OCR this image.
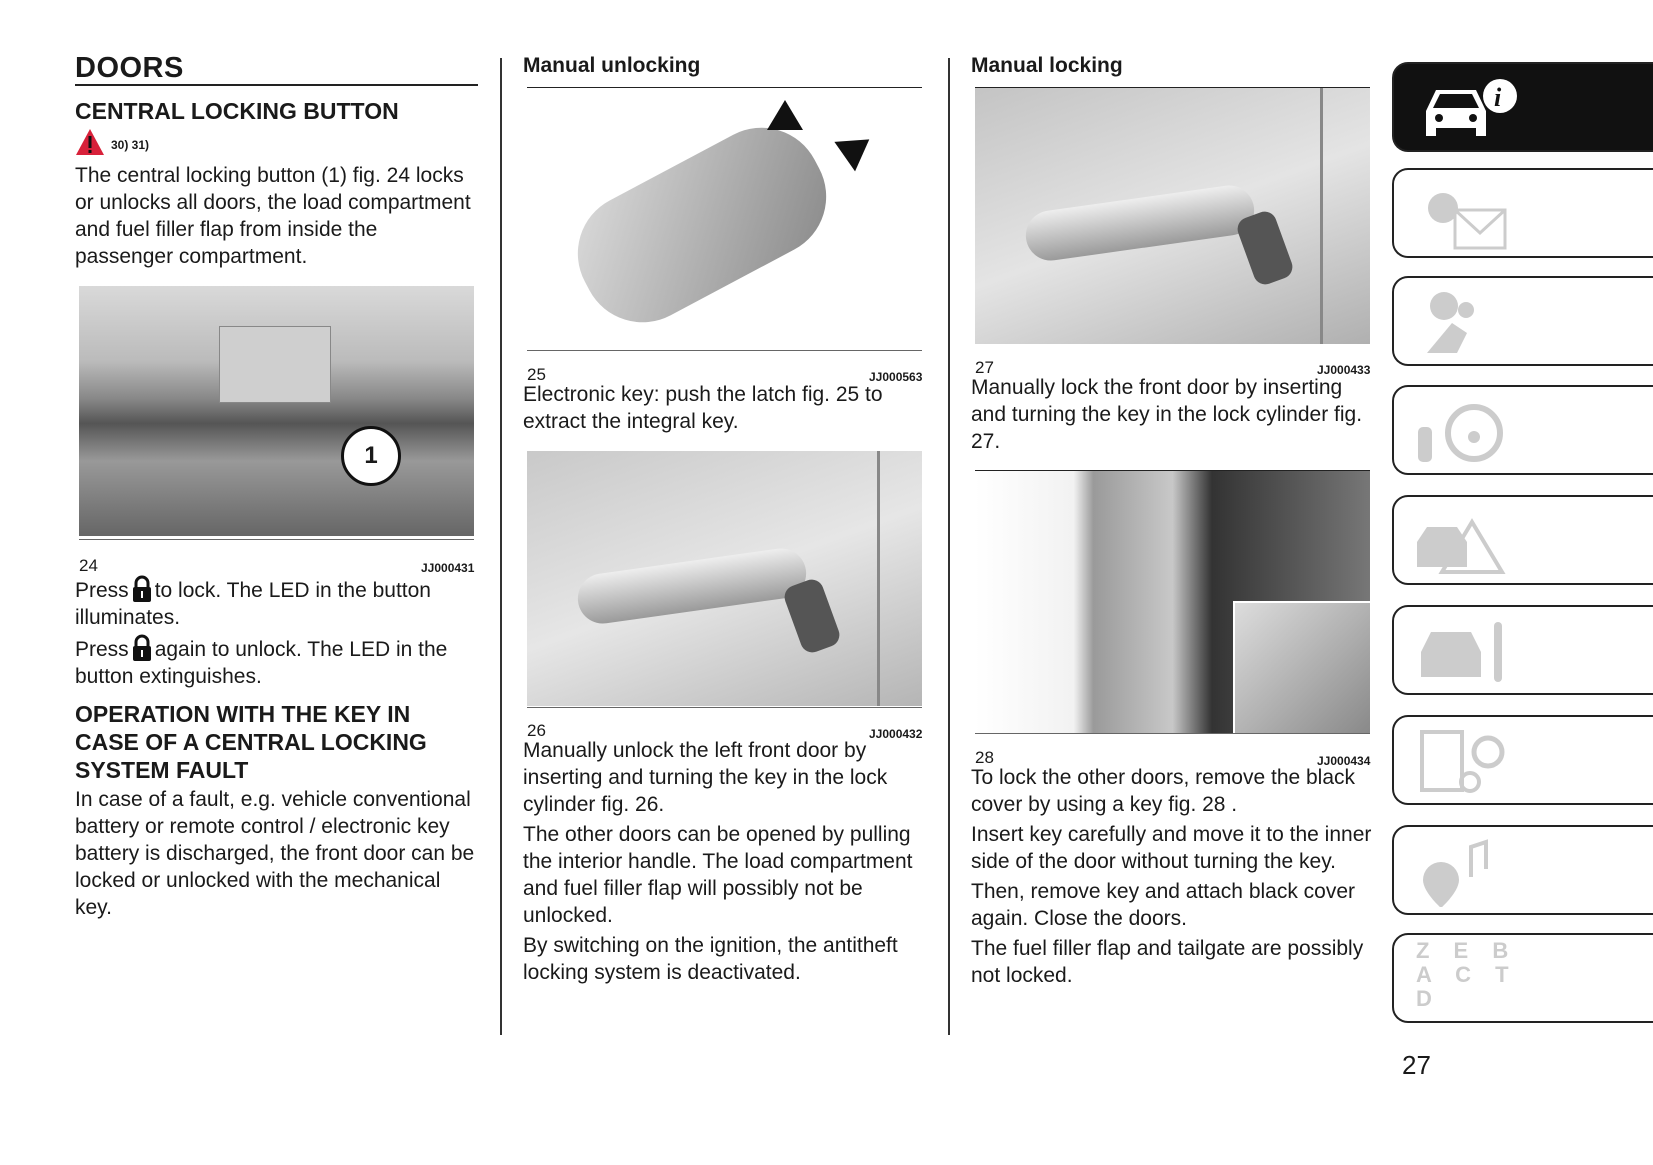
DOORS
CENTRAL LOCKING BUTTON
30) 31)
The central locking button (1) fig. 24 locks or unlocks all doors, the load compartment and fuel filler flap from inside the passenger compartment.
1
24	JJ000431
Press to lock. The LED in the button illuminates.
Press again to unlock. The LED in the button extinguishes.
OPERATION WITH THE KEY IN CASE OF A CENTRAL LOCKING SYSTEM FAULT
In case of a fault, e.g. vehicle conventional battery or remote control / electronic key battery is discharged, the front door can be locked or unlocked with the mechanical key.
Manual unlocking
25	JJ000563
Electronic key: push the latch fig. 25 to extract the integral key.
26	JJ000432

Manually unlock the left front door by inserting and turning the key in the lock cylinder fig. 26.

The other doors can be opened by pulling the interior handle. The load compartment and fuel filler flap will possibly not be unlocked.

By switching on the ignition, the antitheft locking system is deactivated.

Manual locking
27	JJ000433
Manually lock the front door by inserting and turning the key in the lock cylinder fig. 27.
28	JJ000434

To lock the other doors, remove the black cover by using a key fig. 28 .

Insert key carefully and move it to the inner side of the door without turning the key.

Then, remove key and attach black cover again. Close the doors.

The fuel filler flap and tailgate are possibly not locked.

i
Z E B A C T D
27
